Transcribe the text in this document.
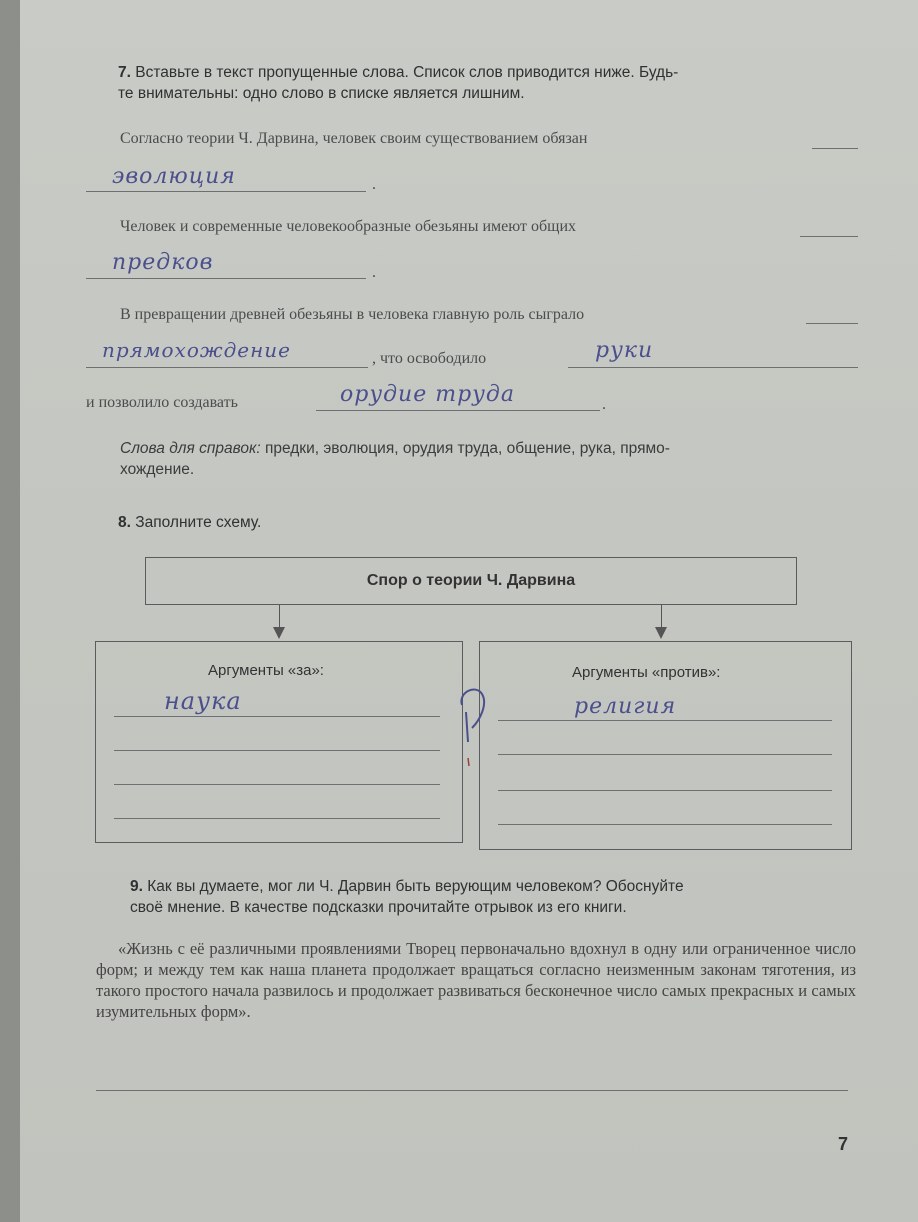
7. Вставьте в текст пропущенные слова. Список слов приводится ниже. Будь-
те внимательны: одно слово в списке является лишним.
Согласно теории Ч. Дарвина, человек своим существованием обязан
эволюция	.
Человек и современные человекообразные обезьяны имеют общих
предков	.
В превращении древней обезьяны в человека главную роль сыграло
прямохождение	, что освободило	руки
и позволило создавать	орудие труда	.
Слова для справок: предки, эволюция, орудия труда, общение, рука, прямо-
хождение.
8. Заполните схему.
Спор о теории Ч. Дарвина
Аргументы «за»:
наука
Аргументы «против»:
религия
9. Как вы думаете, мог ли Ч. Дарвин быть верующим человеком? Обоснуйте
своё мнение. В качестве подсказки прочитайте отрывок из его книги.
«Жизнь с её различными проявлениями Творец первоначально вдохнул в одну или ограниченное число форм; и между тем как наша планета продолжает вращаться согласно неизменным законам тяготения, из такого простого начала развилось и продолжает развиваться бесконечное число самых прекрасных и самых изумительных форм».
7
